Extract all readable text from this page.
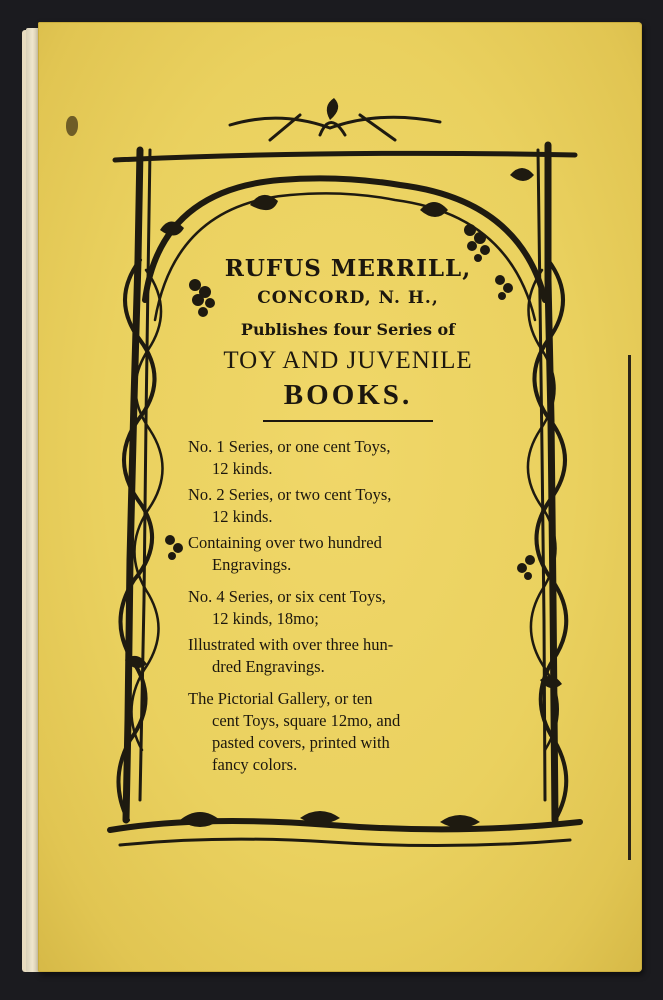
RUFUS MERRILL,
CONCORD, N. H.,
Publishes four Series of
TOY AND JUVENILE
BOOKS.
No. 1 Series, or one cent Toys,
12 kinds.
No. 2 Series, or two cent Toys,
12 kinds.
Containing over two hundred
Engravings.
No. 4 Series, or six cent Toys,
12 kinds, 18mo;
Illustrated with over three hun-
dred Engravings.
The Pictorial Gallery, or ten
cent Toys, square 12mo, and
pasted covers, printed with
fancy colors.
